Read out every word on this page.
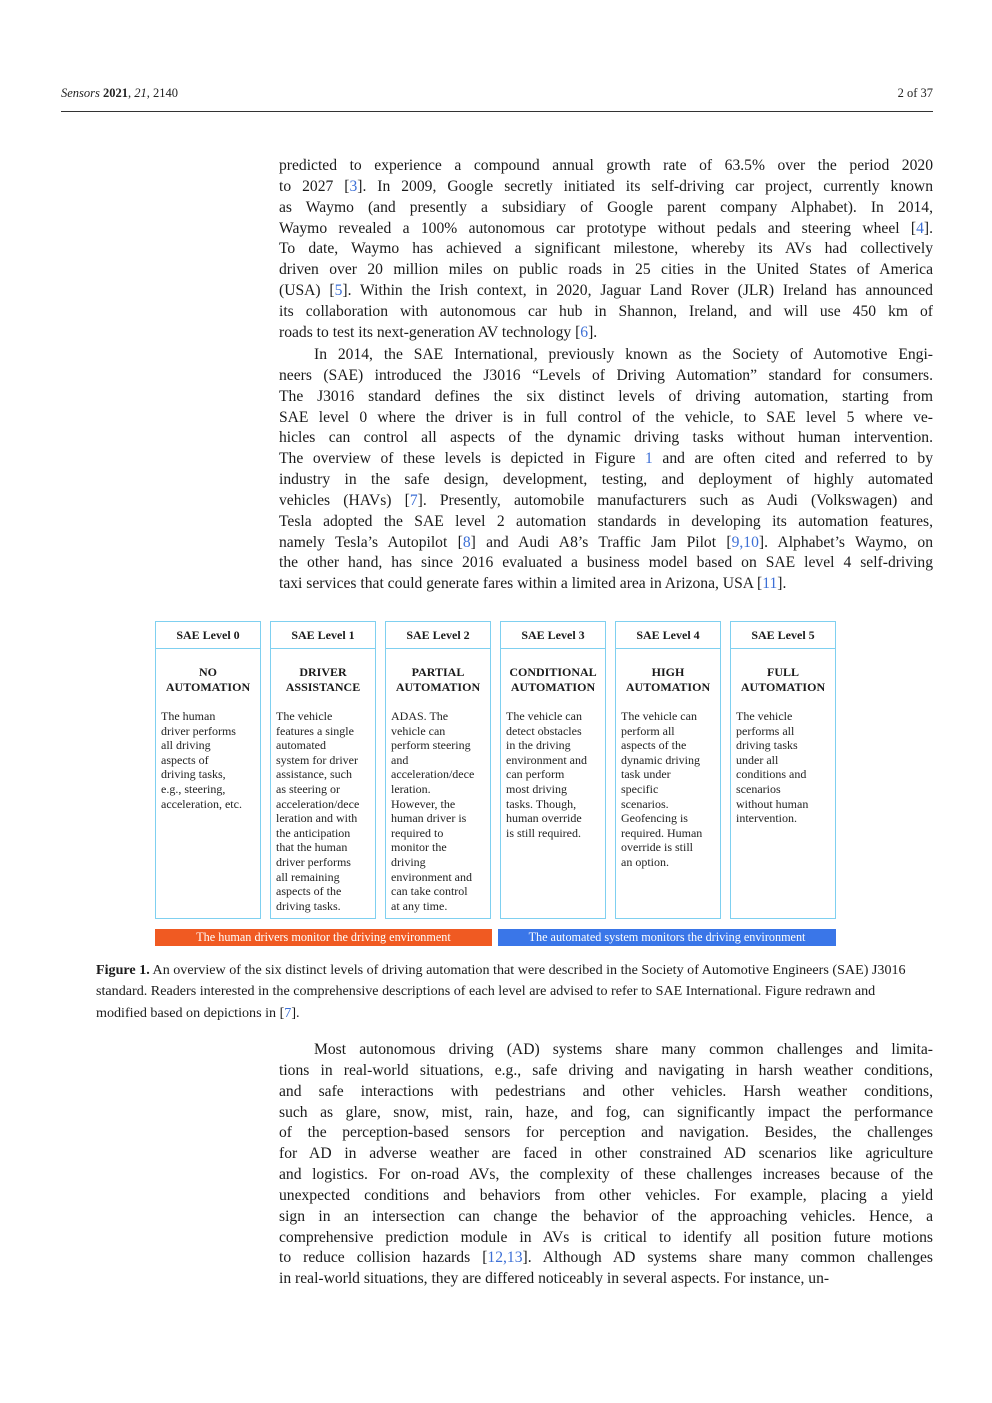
Sensors 2021, 21, 2140	2 of 37
predicted to experience a compound annual growth rate of 63.5% over the period 2020
to 2027 [3]. In 2009, Google secretly initiated its self-driving car project, currently known
as Waymo (and presently a subsidiary of Google parent company Alphabet). In 2014,
Waymo revealed a 100% autonomous car prototype without pedals and steering wheel [4].
To date, Waymo has achieved a significant milestone, whereby its AVs had collectively
driven over 20 million miles on public roads in 25 cities in the United States of America
(USA) [5]. Within the Irish context, in 2020, Jaguar Land Rover (JLR) Ireland has announced
its collaboration with autonomous car hub in Shannon, Ireland, and will use 450 km of
roads to test its next-generation AV technology [6].
In 2014, the SAE International, previously known as the Society of Automotive Engi-
neers (SAE) introduced the J3016 “Levels of Driving Automation” standard for consumers.
The J3016 standard defines the six distinct levels of driving automation, starting from
SAE level 0 where the driver is in full control of the vehicle, to SAE level 5 where ve-
hicles can control all aspects of the dynamic driving tasks without human intervention.
The overview of these levels is depicted in Figure 1 and are often cited and referred to by
industry in the safe design, development, testing, and deployment of highly automated
vehicles (HAVs) [7]. Presently, automobile manufacturers such as Audi (Volkswagen) and
Tesla adopted the SAE level 2 automation standards in developing its automation features,
namely Tesla’s Autopilot [8] and Audi A8’s Traffic Jam Pilot [9,10]. Alphabet’s Waymo, on
the other hand, has since 2016 evaluated a business model based on SAE level 4 self-driving
taxi services that could generate fares within a limited area in Arizona, USA [11].
SAE Level 0
NO
AUTOMATION
The human
driver performs
all driving
aspects of
driving tasks,
e.g., steering,
acceleration, etc.
SAE Level 1
DRIVER
ASSISTANCE
The vehicle
features a single
automated
system for driver
assistance, such
as steering or
acceleration/dece
leration and with
the anticipation
that the human
driver performs
all remaining
aspects of the
driving tasks.
SAE Level 2
PARTIAL
AUTOMATION
ADAS. The
vehicle can
perform steering
and
acceleration/dece
leration.
However, the
human driver is
required to
monitor the
driving
environment and
can take control
at any time.
SAE Level 3
CONDITIONAL
AUTOMATION
The vehicle can
detect obstacles
in the driving
environment and
can perform
most driving
tasks. Though,
human override
is still required.
SAE Level 4
HIGH
AUTOMATION
The vehicle can
perform all
aspects of the
dynamic driving
task under
specific
scenarios.
Geofencing is
required. Human
override is still
an option.
SAE Level 5
FULL
AUTOMATION
The vehicle
performs all
driving tasks
under all
conditions and
scenarios
without human
intervention.
The human drivers monitor the driving environment	The automated system monitors the driving environment

Figure 1. An overview of the six distinct levels of driving automation that were described in the Society of Automotive Engineers (SAE) J3016 standard. Readers interested in the comprehensive descriptions of each level are advised to refer to SAE International. Figure redrawn and modified based on depictions in [7].

Most autonomous driving (AD) systems share many common challenges and limita-
tions in real-world situations, e.g., safe driving and navigating in harsh weather conditions,
and safe interactions with pedestrians and other vehicles. Harsh weather conditions,
such as glare, snow, mist, rain, haze, and fog, can significantly impact the performance
of the perception-based sensors for perception and navigation. Besides, the challenges
for AD in adverse weather are faced in other constrained AD scenarios like agriculture
and logistics. For on-road AVs, the complexity of these challenges increases because of the
unexpected conditions and behaviors from other vehicles. For example, placing a yield
sign in an intersection can change the behavior of the approaching vehicles. Hence, a
comprehensive prediction module in AVs is critical to identify all position future motions
to reduce collision hazards [12,13]. Although AD systems share many common challenges
in real-world situations, they are differed noticeably in several aspects. For instance, un-
